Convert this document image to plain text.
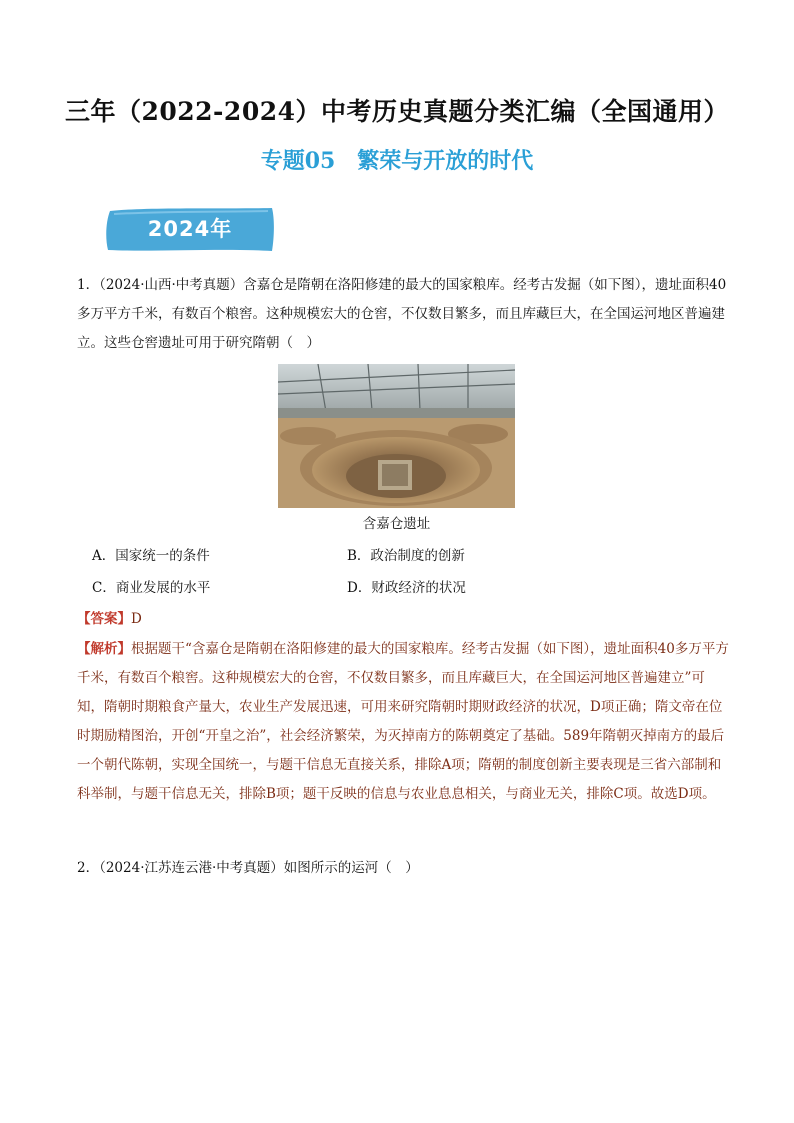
三年（2022-2024）中考历史真题分类汇编（全国通用）
专题05　繁荣与开放的时代
2024年
1．（2024·山西·中考真题）含嘉仓是隋朝在洛阳修建的最大的国家粮库。经考古发掘（如下图），遗址面积40多万平方千米，有数百个粮窖。这种规模宏大的仓窖，不仅数目繁多，而且库藏巨大，在全国运河地区普遍建立。这些仓窖遗址可用于研究隋朝（　）
含嘉仓遗址
A．国家统一的条件	B．政治制度的创新
C．商业发展的水平	D．财政经济的状况
【答案】D
【解析】根据题干“含嘉仓是隋朝在洛阳修建的最大的国家粮库。经考古发掘（如下图），遗址面积40多万平方千米，有数百个粮窖。这种规模宏大的仓窖，不仅数目繁多，而且库藏巨大，在全国运河地区普遍建立”可知，隋朝时期粮食产量大，农业生产发展迅速，可用来研究隋朝时期财政经济的状况，D项正确；隋文帝在位时期励精图治，开创“开皇之治”，社会经济繁荣，为灭掉南方的陈朝奠定了基础。589年隋朝灭掉南方的最后一个朝代陈朝，实现全国统一，与题干信息无直接关系，排除A项；隋朝的制度创新主要表现是三省六部制和科举制，与题干信息无关，排除B项；题干反映的信息与农业息息相关，与商业无关，排除C项。故选D项。
2．（2024·江苏连云港·中考真题）如图所示的运河（　）
